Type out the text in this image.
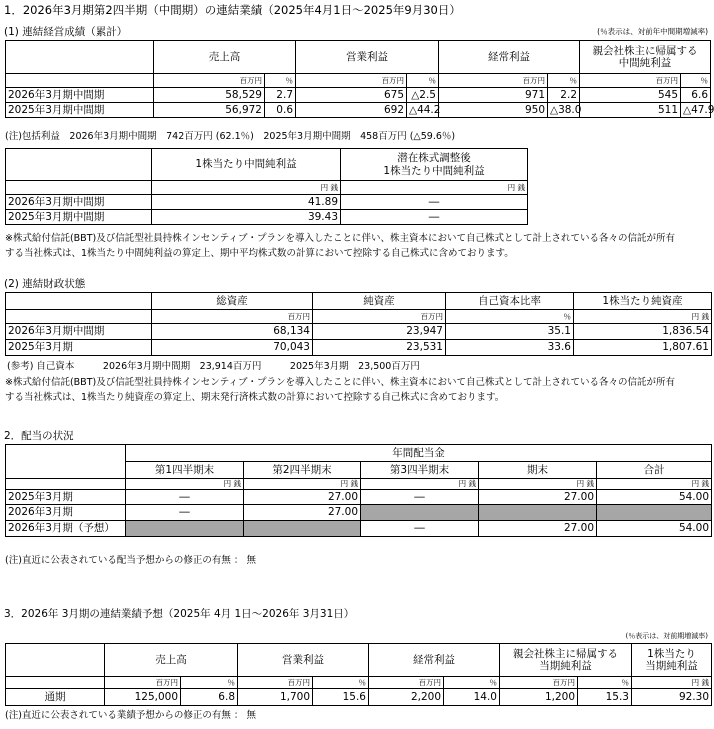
1．2026年3月期第2四半期（中間期）の連結業績（2025年4月1日～2025年9月30日）
(1) 連結経営成績（累計）	(％表示は、対前年中間期増減率)
	売上高		営業利益		経常利益		親会社株主に帰属する
中間純利益	
	百万円	％	百万円	％	百万円	％	百万円	％
2026年3月期中間期	58,529	2.7	675	△2.5	971	2.2	545	6.6
2025年3月期中間期	56,972	0.6	692	△44.2	950	△38.0	511	△47.9
(注)包括利益　2026年3月期中間期　742百万円 (62.1％)　2025年3月期中間期　458百万円 (△59.6％)
	1株当たり中間純利益	潜在株式調整後
1株当たり中間純利益
	円 銭	円 銭
2026年3月期中間期	41.89	―
2025年3月期中間期	39.43	―
※株式給付信託(BBT)及び信託型社員持株インセンティブ・プランを導入したことに伴い、株主資本において自己株式として計上されている各々の信託が所有
する当社株式は、1株当たり中間純利益の算定上、期中平均株式数の計算において控除する自己株式に含めております。
(2) 連結財政状態
	総資産	純資産	自己資本比率	1株当たり純資産
	百万円	百万円	％	円 銭
2026年3月期中間期	68,134	23,947	35.1	1,836.54
2025年3月期	70,043	23,531	33.6	1,807.61
(参考) 自己資本　　　2026年3月期中間期　23,914百万円　　　2025年3月期　23,500百万円
※株式給付信託(BBT)及び信託型社員持株インセンティブ・プランを導入したことに伴い、株主資本において自己株式として計上されている各々の信託が所有
する当社株式は、1株当たり純資産の算定上、期末発行済株式数の計算において控除する自己株式に含めております。
2．配当の状況
	年間配当金				
	第1四半期末	第2四半期末	第3四半期末	期末	合計
	円 銭	円 銭	円 銭	円 銭	円 銭
2025年3月期	―	27.00	―	27.00	54.00
2026年3月期	―	27.00			
2026年3月期（予想）			―	27.00	54.00
(注)直近に公表されている配当予想からの修正の有無 ： 無
3．2026年 3月期の連結業績予想（2025年 4月 1日～2026年 3月31日）
(％表示は、対前期増減率)
	売上高		営業利益		経常利益		親会社株主に帰属する
当期純利益		1株当たり
当期純利益
	百万円	％	百万円	％	百万円	％	百万円	％	円 銭
通期	125,000	6.8	1,700	15.6	2,200	14.0	1,200	15.3	92.30
(注)直近に公表されている業績予想からの修正の有無 ： 無
